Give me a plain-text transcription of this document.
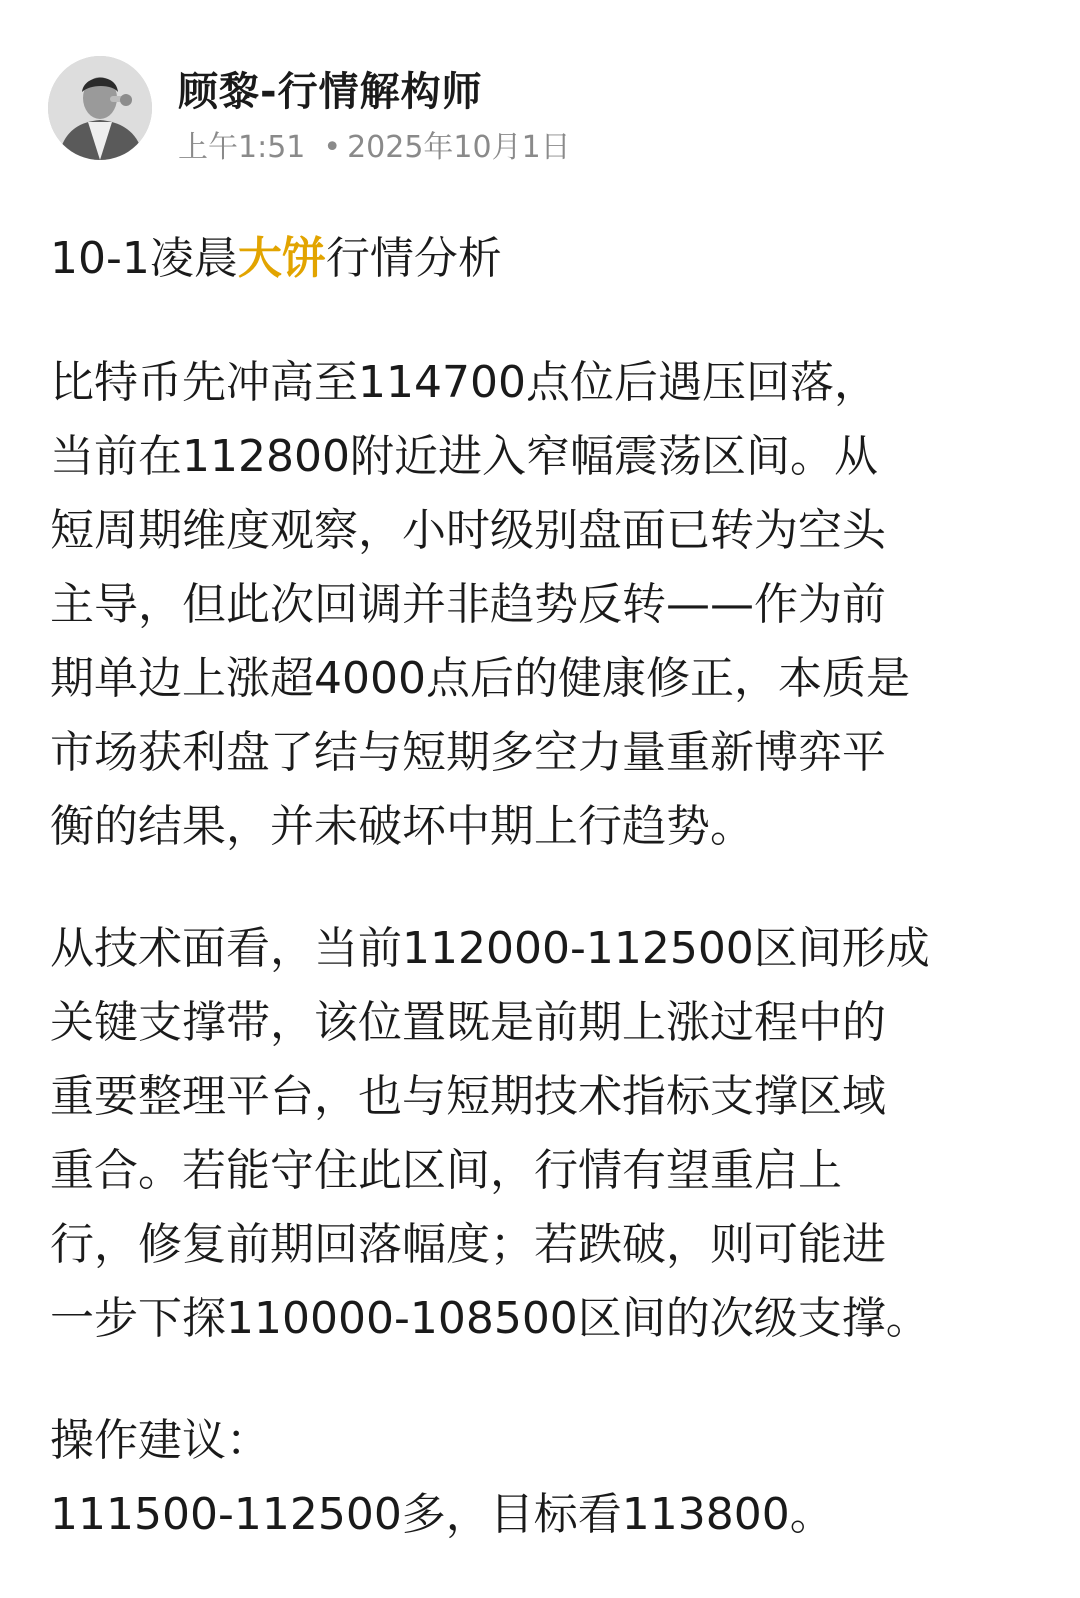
顾黎-行情解构师
上午1:51 • 2025年10月1日
10-1凌晨大饼行情分析
比特币先冲高至114700点位后遇压回落，
当前在112800附近进入窄幅震荡区间。从
短周期维度观察，小时级别盘面已转为空头
主导，但此次回调并非趋势反转——作为前
期单边上涨超4000点后的健康修正，本质是
市场获利盘了结与短期多空力量重新博弈平
衡的结果，并未破坏中期上行趋势。
从技术面看，当前112000-112500区间形成
关键支撑带，该位置既是前期上涨过程中的
重要整理平台，也与短期技术指标支撑区域
重合。若能守住此区间，行情有望重启上
行，修复前期回落幅度；若跌破，则可能进
一步下探110000-108500区间的次级支撑。
操作建议：
111500-112500多，目标看113800。
